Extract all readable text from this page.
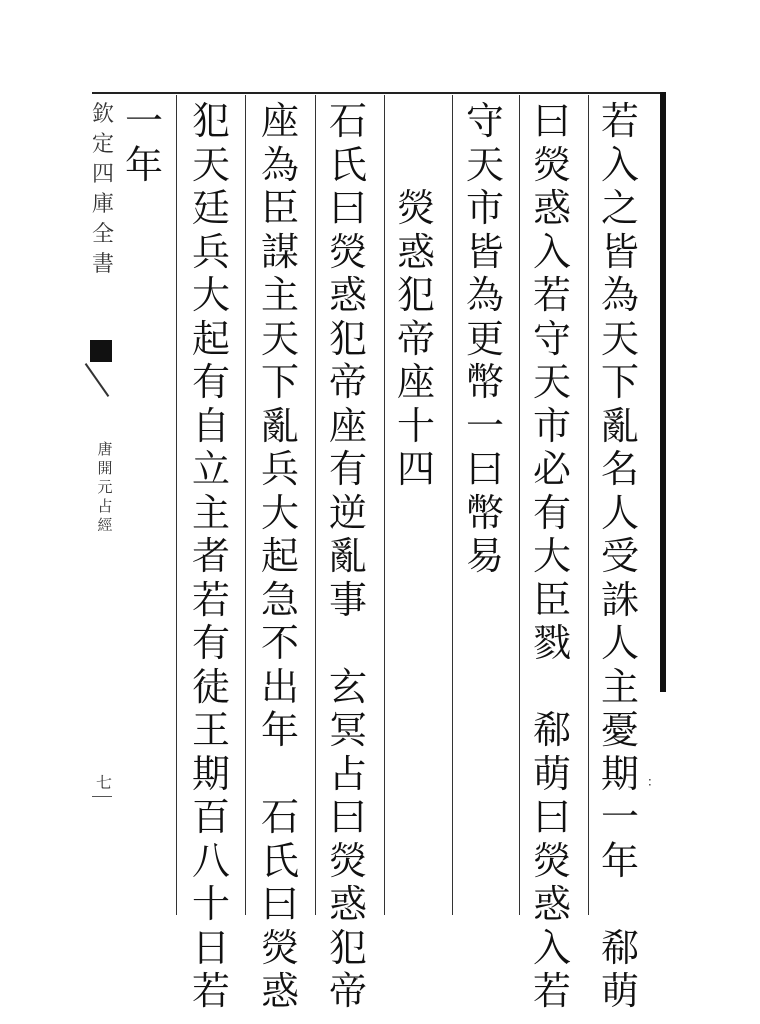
欽
定
四
庫
全
書
唐
開
元
占
經
七	∶
若
入
之
皆
為
天
下
亂
名
人
受
誅
人
主
憂
期
一
年
郗
萌
曰
熒
惑
入
若
守
天
市
必
有
大
臣
戮
郗
萌
曰
熒
惑
入
若
守
天
市
皆
為
更
幣
一
曰
幣
易
熒
惑
犯
帝
座
十
四
石
氏
曰
熒
惑
犯
帝
座
有
逆
亂
事
玄
冥
占
曰
熒
惑
犯
帝
座
為
臣
謀
主
天
下
亂
兵
大
起
急
不
出
年
石
氏
曰
熒
惑
犯
天
廷
兵
大
起
有
自
立
主
者
若
有
徒
王
期
百
八
十
日
若
一
年
